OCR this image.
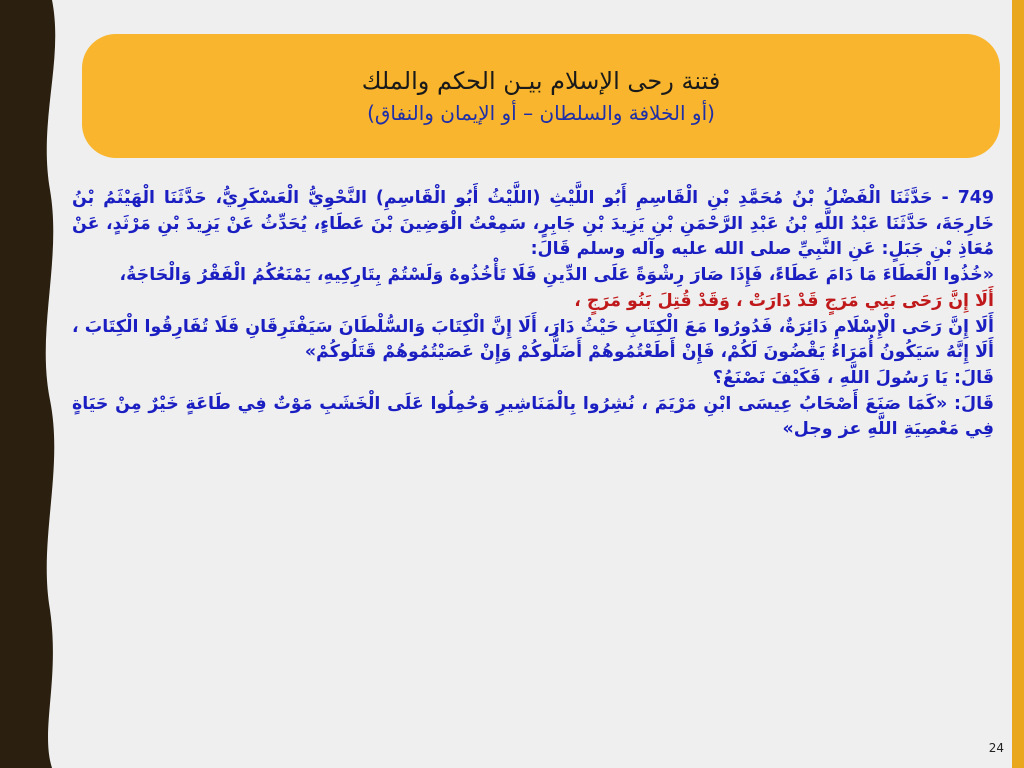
فتنة رحى الإسلام بيـن الحكم والملك
(أو الخلافة والسلطان – أو الإيمان والنفاق)

749 - حَدَّثَنَا الْفَضْلُ بْنُ مُحَمَّدِ بْنِ الْقَاسِمِ أَبُو اللَّيْثِ (اللَّيْثُ أَبُو الْقَاسِمِ) النَّحْوِيُّ الْعَسْكَرِيُّ، حَدَّثَنَا الْهَيْثَمُ بْنُ خَارِجَةَ، حَدَّثَنَا عَبْدُ اللَّهِ بْنُ عَبْدِ الرَّحْمَنِ بْنِ يَزِيدَ بْنِ جَابِرٍ، سَمِعْتُ الْوَضِينَ بْنَ عَطَاءٍ، يُحَدِّثُ عَنْ يَزِيدَ بْنِ مَرْثَدٍ، عَنْ مُعَاذِ بْنِ جَبَلٍ: عَنِ النَّبِيِّ صلى الله عليه وآله وسلم قَالَ:

«خُذُوا الْعَطَاءَ مَا دَامَ عَطَاءً، فَإِذَا صَارَ رِشْوَةً عَلَى الدِّينِ فَلَا تَأْخُذُوهُ وَلَسْتُمْ بِتَارِكِيهِ، يَمْنَعُكُمُ الْفَقْرُ وَالْحَاجَةُ،

أَلَا إِنَّ رَحَى بَنِي مَرَجٍ قَدْ دَارَتْ ، وَقَدْ قُتِلَ بَنُو مَرَجٍ ،

أَلَا إِنَّ رَحَى الْإِسْلَامِ دَائِرَةٌ، فَدُورُوا مَعَ الْكِتَابِ حَيْثُ دَارَ، أَلَا إِنَّ الْكِتَابَ وَالسُّلْطَانَ سَيَفْتَرِقَانِ فَلَا تُفَارِقُوا الْكِتَابَ ، أَلَا إِنَّهُ سَيَكُونُ أُمَرَاءُ يَقْضُونَ لَكُمْ، فَإِنْ أَطَعْتُمُوهُمْ أَضَلُّوكُمْ وَإِنْ عَصَيْتُمُوهُمْ قَتَلُوكُمْ»

قَالَ: يَا رَسُولَ اللَّهِ ، فَكَيْفَ نَصْنَعُ؟

قَالَ: «كَمَا صَنَعَ أَصْحَابُ عِيسَى ابْنِ مَرْيَمَ ، نُشِرُوا بِالْمَنَاشِيرِ وَحُمِلُوا عَلَى الْخَشَبِ مَوْتٌ فِي طَاعَةٍ خَيْرٌ مِنْ حَيَاةٍ فِي مَعْصِيَةِ اللَّهِ عز وجل»

24
